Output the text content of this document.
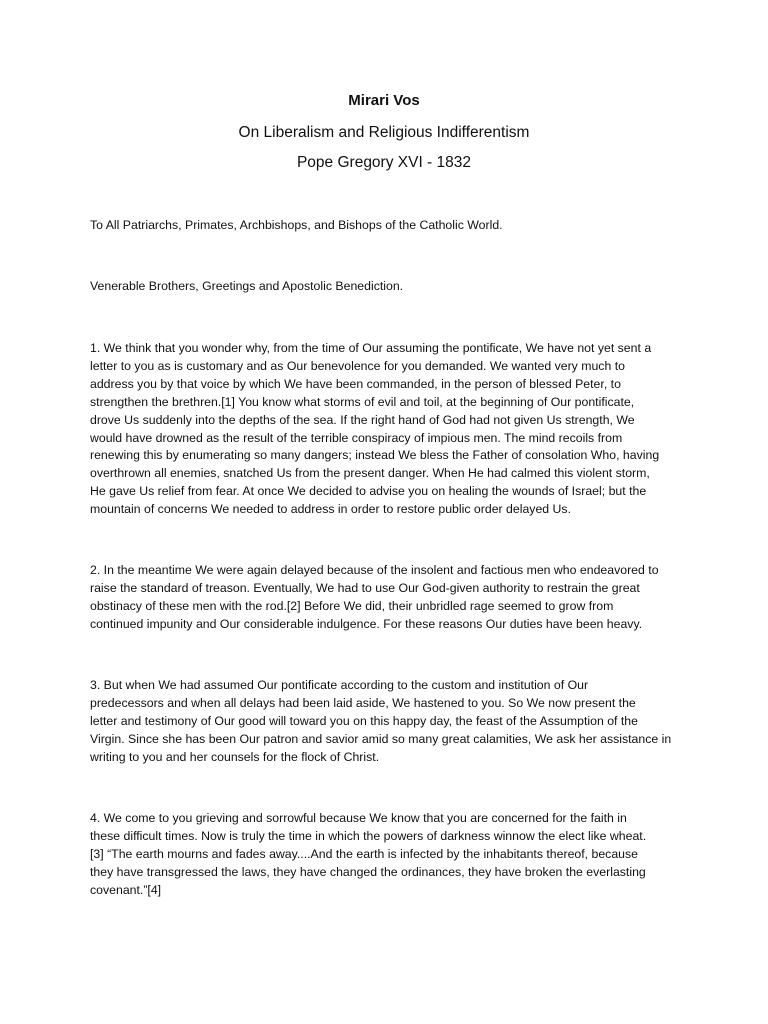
Mirari Vos
On Liberalism and Religious Indifferentism
Pope Gregory XVI - 1832
To All Patriarchs, Primates, Archbishops, and Bishops of the Catholic World.
Venerable Brothers, Greetings and Apostolic Benediction.
1. We think that you wonder why, from the time of Our assuming the pontificate, We have not yet sent a
letter to you as is customary and as Our benevolence for you demanded. We wanted very much to
address you by that voice by which We have been commanded, in the person of blessed Peter, to
strengthen the brethren.[1] You know what storms of evil and toil, at the beginning of Our pontificate,
drove Us suddenly into the depths of the sea. If the right hand of God had not given Us strength, We
would have drowned as the result of the terrible conspiracy of impious men. The mind recoils from
renewing this by enumerating so many dangers; instead We bless the Father of consolation Who, having
overthrown all enemies, snatched Us from the present danger. When He had calmed this violent storm,
He gave Us relief from fear. At once We decided to advise you on healing the wounds of Israel; but the
mountain of concerns We needed to address in order to restore public order delayed Us.
2. In the meantime We were again delayed because of the insolent and factious men who endeavored to
raise the standard of treason. Eventually, We had to use Our God-given authority to restrain the great
obstinacy of these men with the rod.[2] Before We did, their unbridled rage seemed to grow from
continued impunity and Our considerable indulgence. For these reasons Our duties have been heavy.
3. But when We had assumed Our pontificate according to the custom and institution of Our
predecessors and when all delays had been laid aside, We hastened to you. So We now present the
letter and testimony of Our good will toward you on this happy day, the feast of the Assumption of the
Virgin. Since she has been Our patron and savior amid so many great calamities, We ask her assistance in
writing to you and her counsels for the flock of Christ.
4. We come to you grieving and sorrowful because We know that you are concerned for the faith in
these difficult times. Now is truly the time in which the powers of darkness winnow the elect like wheat.
[3] “The earth mourns and fades away....And the earth is infected by the inhabitants thereof, because
they have transgressed the laws, they have changed the ordinances, they have broken the everlasting
covenant.”[4]
